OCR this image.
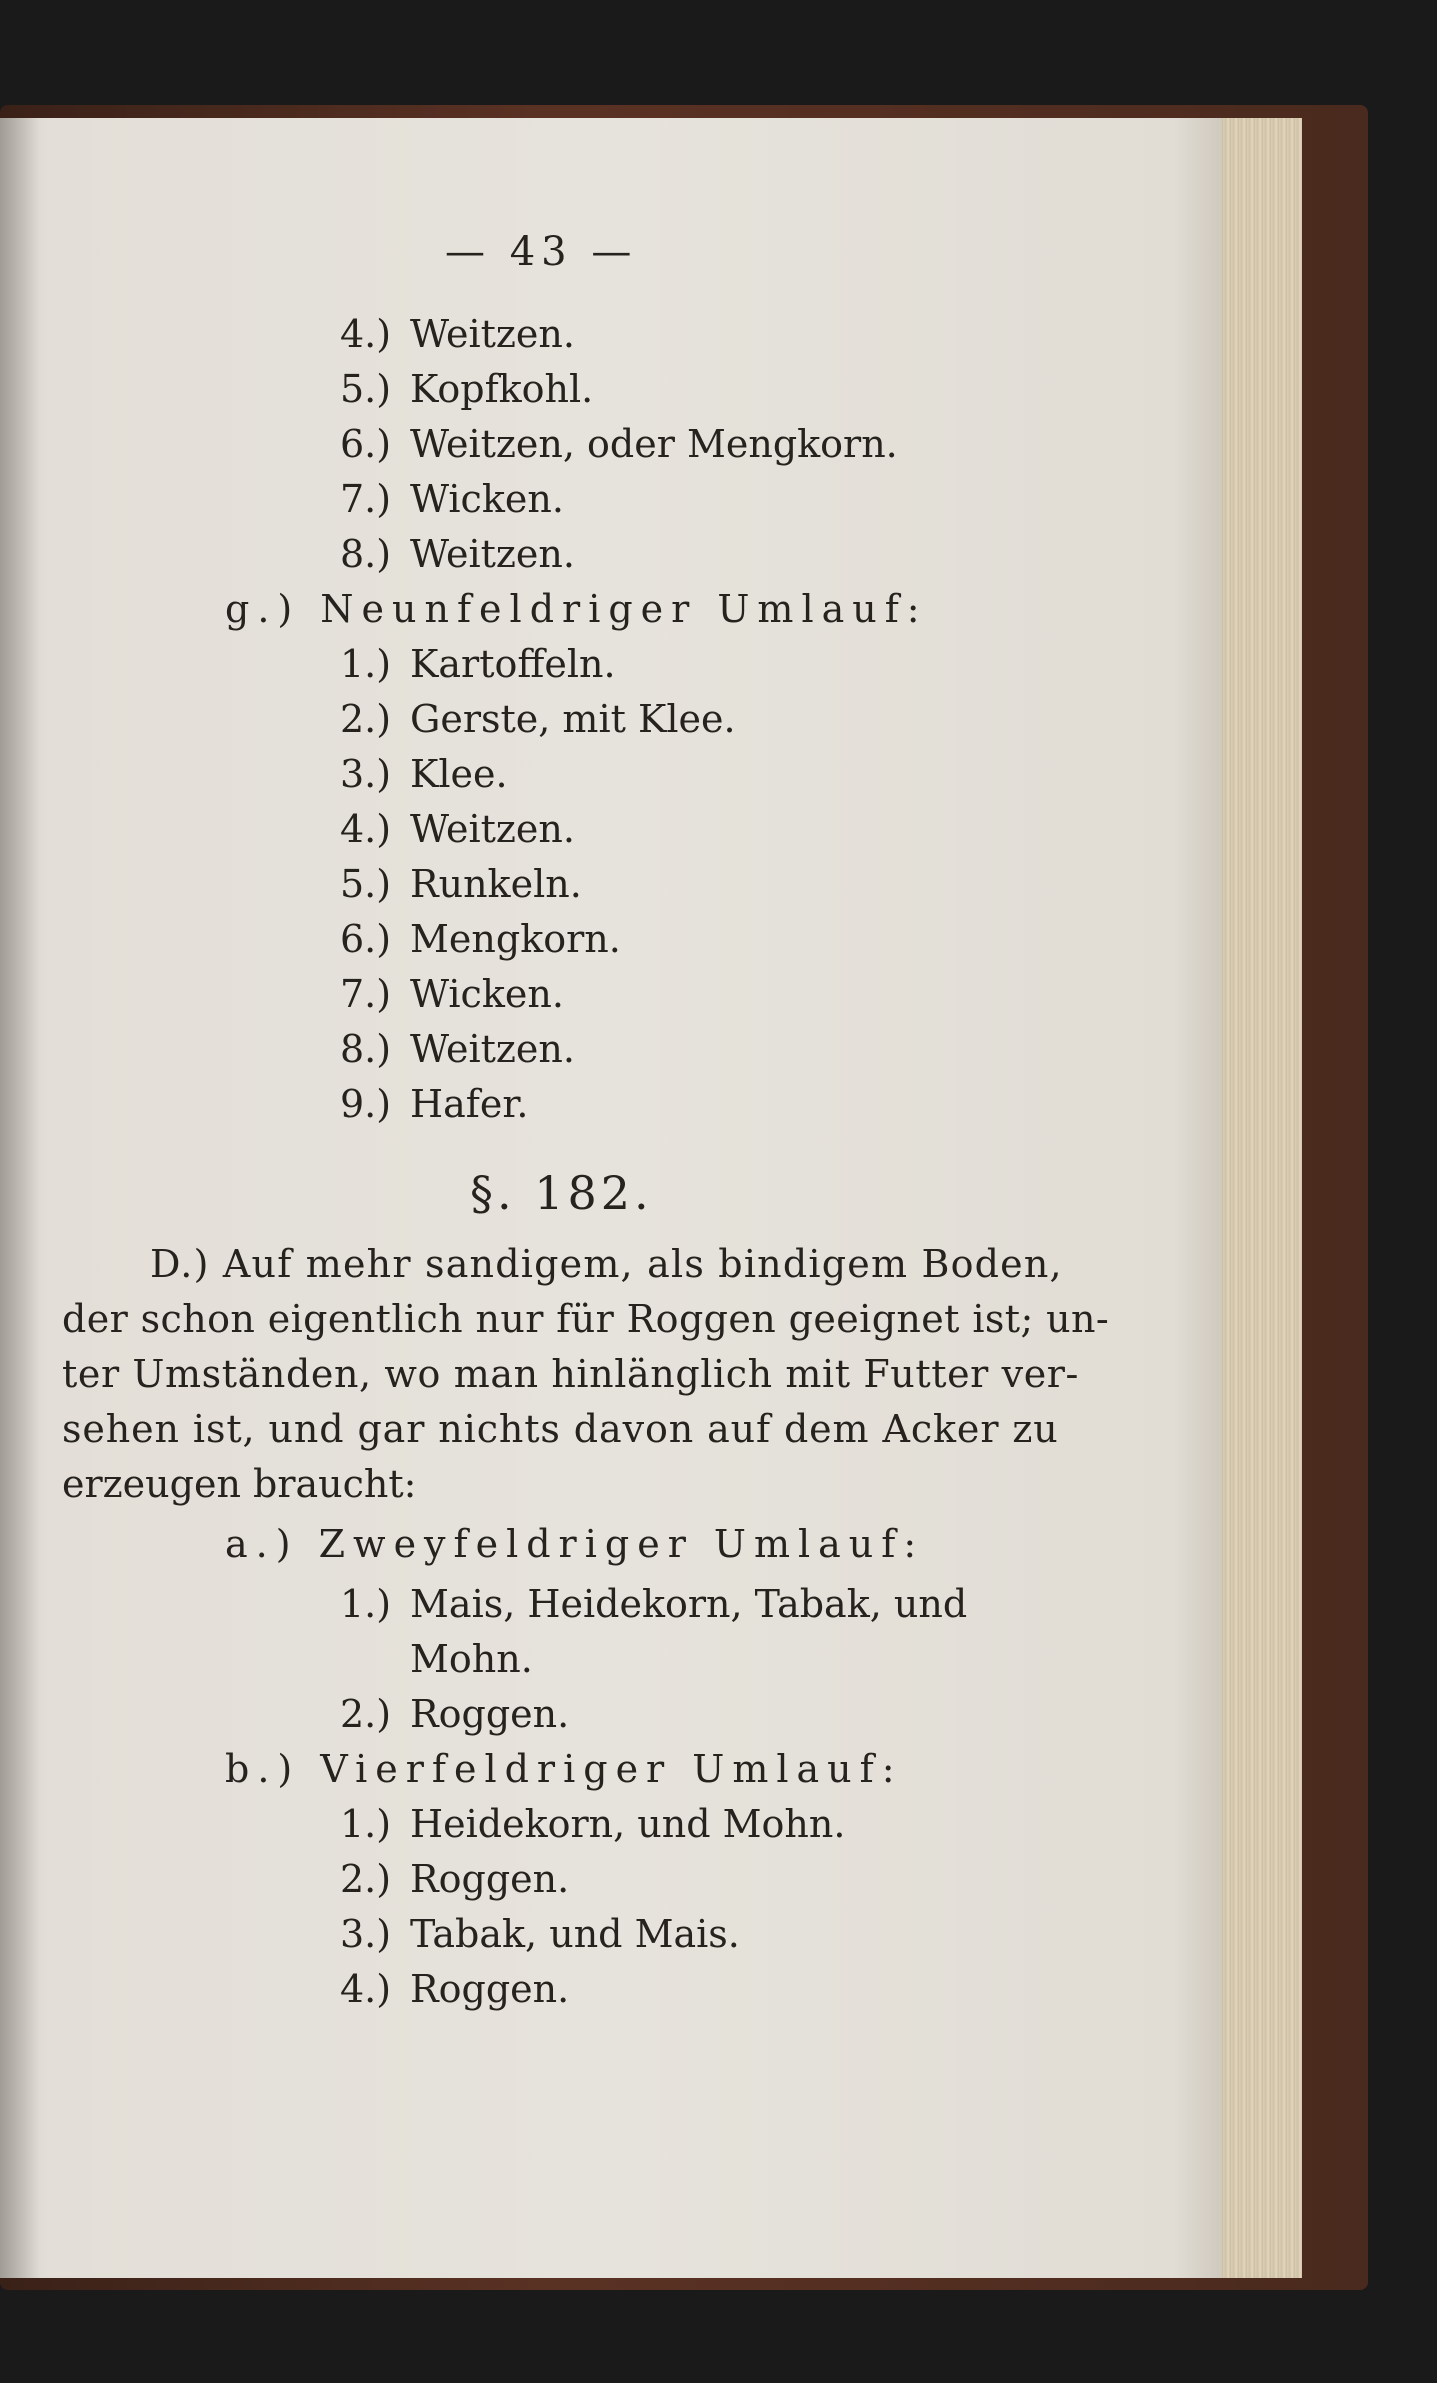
— 43 —
4.) Weitzen.
5.) Kopfkohl.
6.) Weitzen, oder Mengkorn.
7.) Wicken.
8.) Weitzen.
g.) Neunfeldriger Umlauf:
1.) Kartoffeln.
2.) Gerste, mit Klee.
3.) Klee.
4.) Weitzen.
5.) Runkeln.
6.) Mengkorn.
7.) Wicken.
8.) Weitzen.
9.) Hafer.
§. 182.
D.) Auf mehr sandigem, als bindigem Boden,
der schon eigentlich nur für Roggen geeignet ist; un-
ter Umständen, wo man hinlänglich mit Futter ver-
sehen ist, und gar nichts davon auf dem Acker zu
erzeugen braucht:
a.) Zweyfeldriger Umlauf:
1.) Mais, Heidekorn, Tabak, und
Mohn.
2.) Roggen.
b.) Vierfeldriger Umlauf:
1.) Heidekorn, und Mohn.
2.) Roggen.
3.) Tabak, und Mais.
4.) Roggen.
